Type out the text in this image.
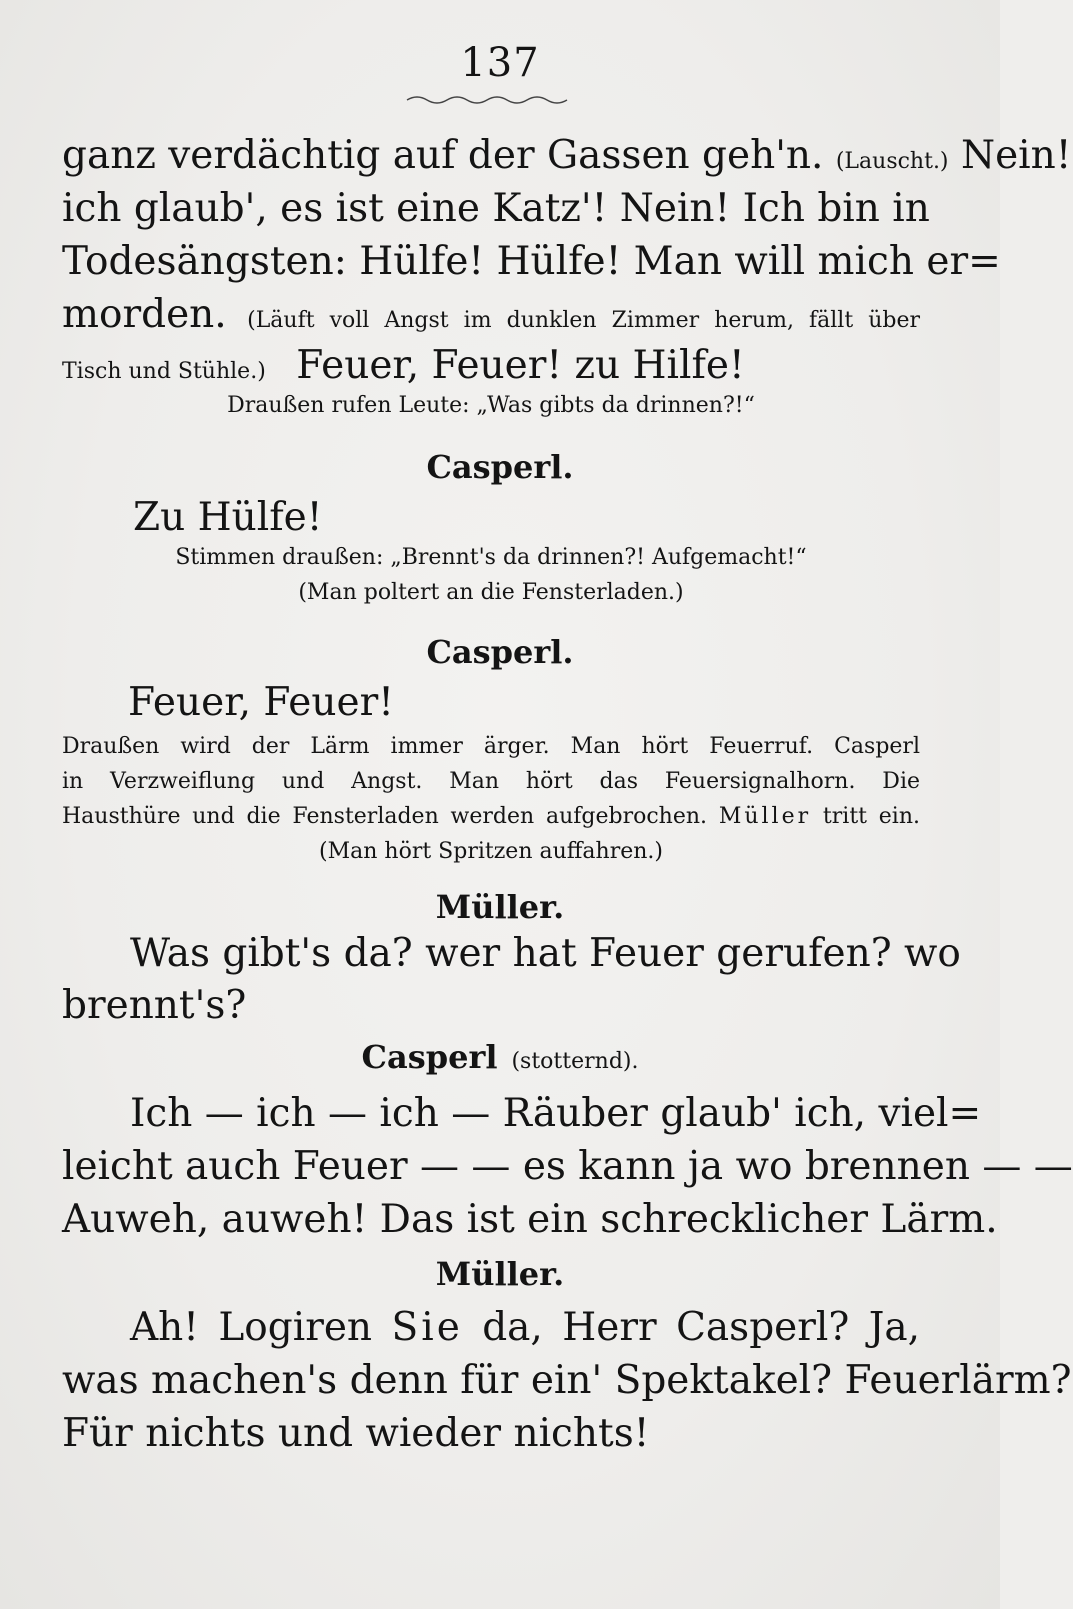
137
ganz verdächtig auf der Gassen geh'n. (Lauscht.) Nein!
ich glaub', es ist eine Katz'! Nein! Ich bin in
Todesängsten: Hülfe! Hülfe! Man will mich er=
morden. (Läuft voll Angst im dunklen Zimmer herum, fällt über
Tisch und Stühle.) Feuer, Feuer! zu Hilfe!
Draußen rufen Leute: „Was gibts da drinnen?!“
Casperl.
Zu Hülfe!
Stimmen draußen: „Brennt's da drinnen?! Aufgemacht!“
(Man poltert an die Fensterladen.)
Casperl.
Feuer, Feuer!
Draußen wird der Lärm immer ärger. Man hört Feuerruf. Casperl
in Verzweiflung und Angst. Man hört das Feuersignalhorn. Die
Hausthüre und die Fensterladen werden aufgebrochen. Müller tritt ein.
(Man hört Spritzen auffahren.)
Müller.
Was gibt's da? wer hat Feuer gerufen? wo
brennt's?
Casperl (stotternd).
Ich — ich — ich — Räuber glaub' ich, viel=
leicht auch Feuer — — es kann ja wo brennen — —
Auweh, auweh! Das ist ein schrecklicher Lärm.
Müller.
Ah! Logiren Sie da, Herr Casperl? Ja,
was machen's denn für ein' Spektakel? Feuerlärm?
Für nichts und wieder nichts!
